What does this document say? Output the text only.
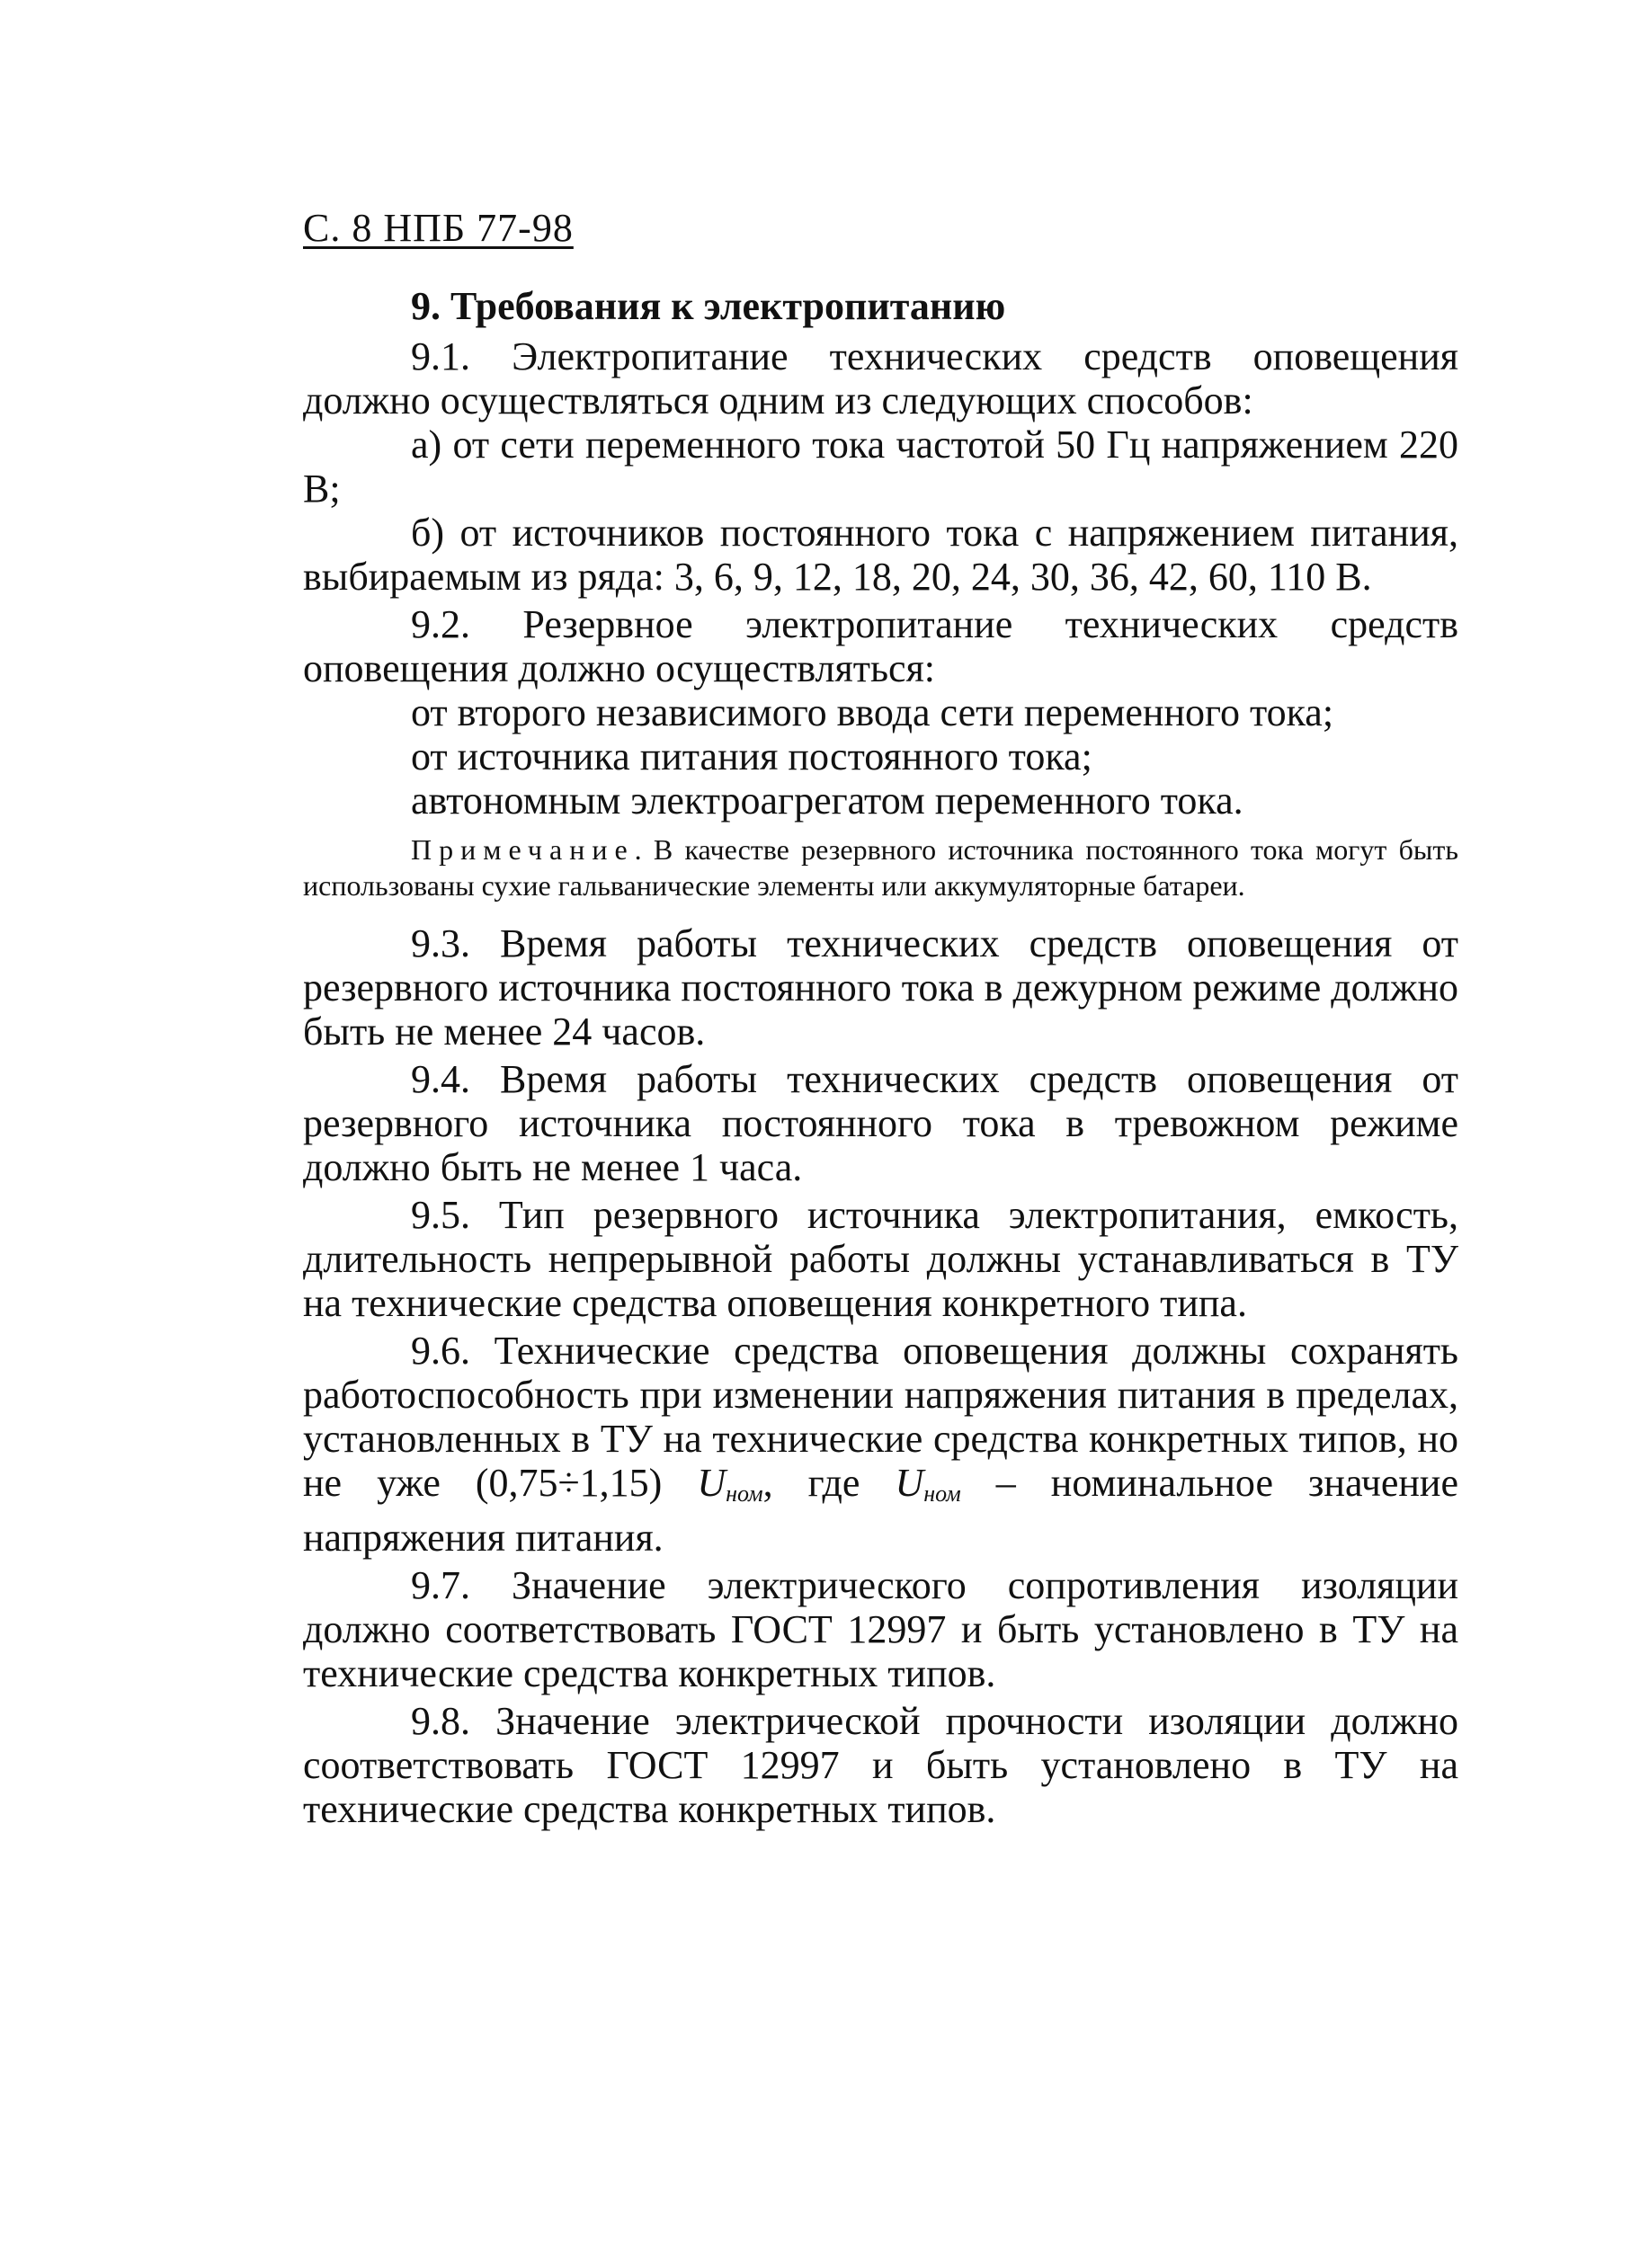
С. 8 НПБ 77-98
9. Требования к электропитанию

9.1. Электропитание технических средств оповещения должно осуществляться одним из следующих способов:

а) от сети переменного тока частотой 50 Гц напряжением 220 В;

б) от источников постоянного тока с напряжением питания, выбираемым из ряда: 3, 6, 9, 12, 18, 20, 24, 30, 36, 42, 60, 110 В.

9.2. Резервное электропитание технических средств оповещения должно осуществляться:

от второго независимого ввода сети переменного тока;

от источника питания постоянного тока;

автономным электроагрегатом переменного тока.

Примечание. В качестве резервного источника постоянного тока могут быть использованы сухие гальванические элементы или аккумуляторные батареи.

9.3. Время работы технических средств оповещения от резервного источника постоянного тока в дежурном режиме должно быть не менее 24 часов.

9.4. Время работы технических средств оповещения от резервного источника постоянного тока в тревожном режиме должно быть не менее 1 часа.

9.5. Тип резервного источника электропитания, емкость, длительность непрерывной работы должны устанавливаться в ТУ на технические средства оповещения конкретного типа.

9.6. Технические средства оповещения должны сохранять работоспособность при изменении напряжения питания в пределах, установленных в ТУ на технические средства конкретных типов, но не уже (0,75÷1,15) Uном, где Uном – номинальное значение напряжения питания.

9.7. Значение электрического сопротивления изоляции должно соответствовать ГОСТ 12997 и быть установлено в ТУ на технические средства конкретных типов.

9.8. Значение электрической прочности изоляции должно соответствовать ГОСТ 12997 и быть установлено в ТУ на технические средства конкретных типов.
